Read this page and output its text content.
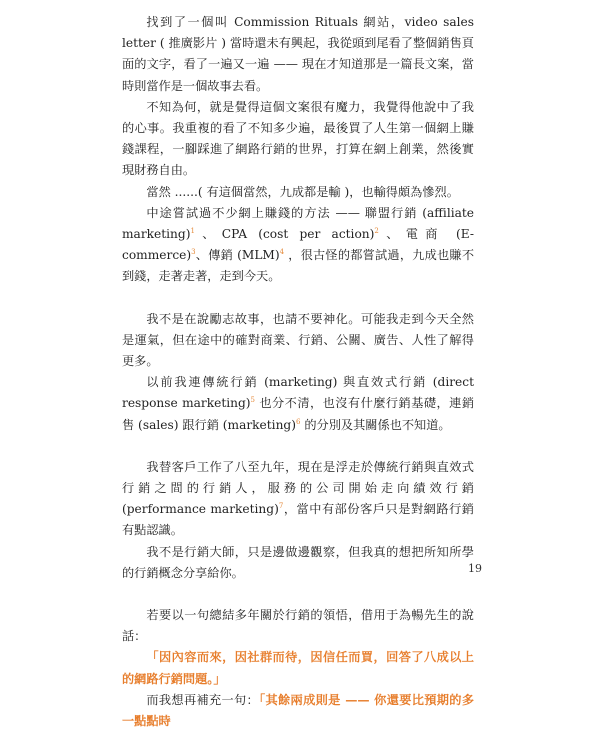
找到了一個叫 Commission Rituals 網站，video sales letter ( 推廣影片 ) 當時還未有興起，我從頭到尾看了整個銷售頁面的文字，看了一遍又一遍 —— 現在才知道那是一篇長文案，當時則當作是一個故事去看。

不知為何，就是覺得這個文案很有魔力，我覺得他說中了我的心事。我重複的看了不知多少遍，最後買了人生第一個網上賺錢課程，一腳踩進了網路行銷的世界，打算在網上創業，然後實現財務自由。

當然 ......( 有這個當然，九成都是輸 )，也輸得頗為慘烈。

中途嘗試過不少網上賺錢的方法 —— 聯盟行銷 (affiliate marketing)$^1$、CPA (cost per action)$^2$、電商 (E-commerce)$^3$、傳銷 (MLM)$^4$ ，很古怪的都嘗試過，九成也賺不到錢，走著走著，走到今天。

我不是在說勵志故事，也請不要神化。可能我走到今天全然是運氣，但在途中的確對商業、行銷、公關、廣告、人性了解得更多。

以前我連傳統行銷 (marketing) 與直效式行銷 (direct response marketing)$^5$ 也分不清，也沒有什麼行銷基礎，連銷售 (sales) 跟行銷 (marketing)$^6$ 的分別及其關係也不知道。

我替客戶工作了八至九年，現在是浮走於傳統行銷與直效式行銷之間的行銷人，服務的公司開始走向績效行銷 (performance marketing)$^7$，當中有部份客戶只是對網路行銷有點認識。

我不是行銷大師，只是邊做邊觀察，但我真的想把所知所學的行銷概念分享給你。

若要以一句總結多年關於行銷的領悟，借用于為暢先生的說話：

「因內容而來，因社群而待，因信任而買，回答了八成以上的網路行銷問題。」

而我想再補充一句：「其餘兩成則是 —— 你還要比預期的多一點點時

19
